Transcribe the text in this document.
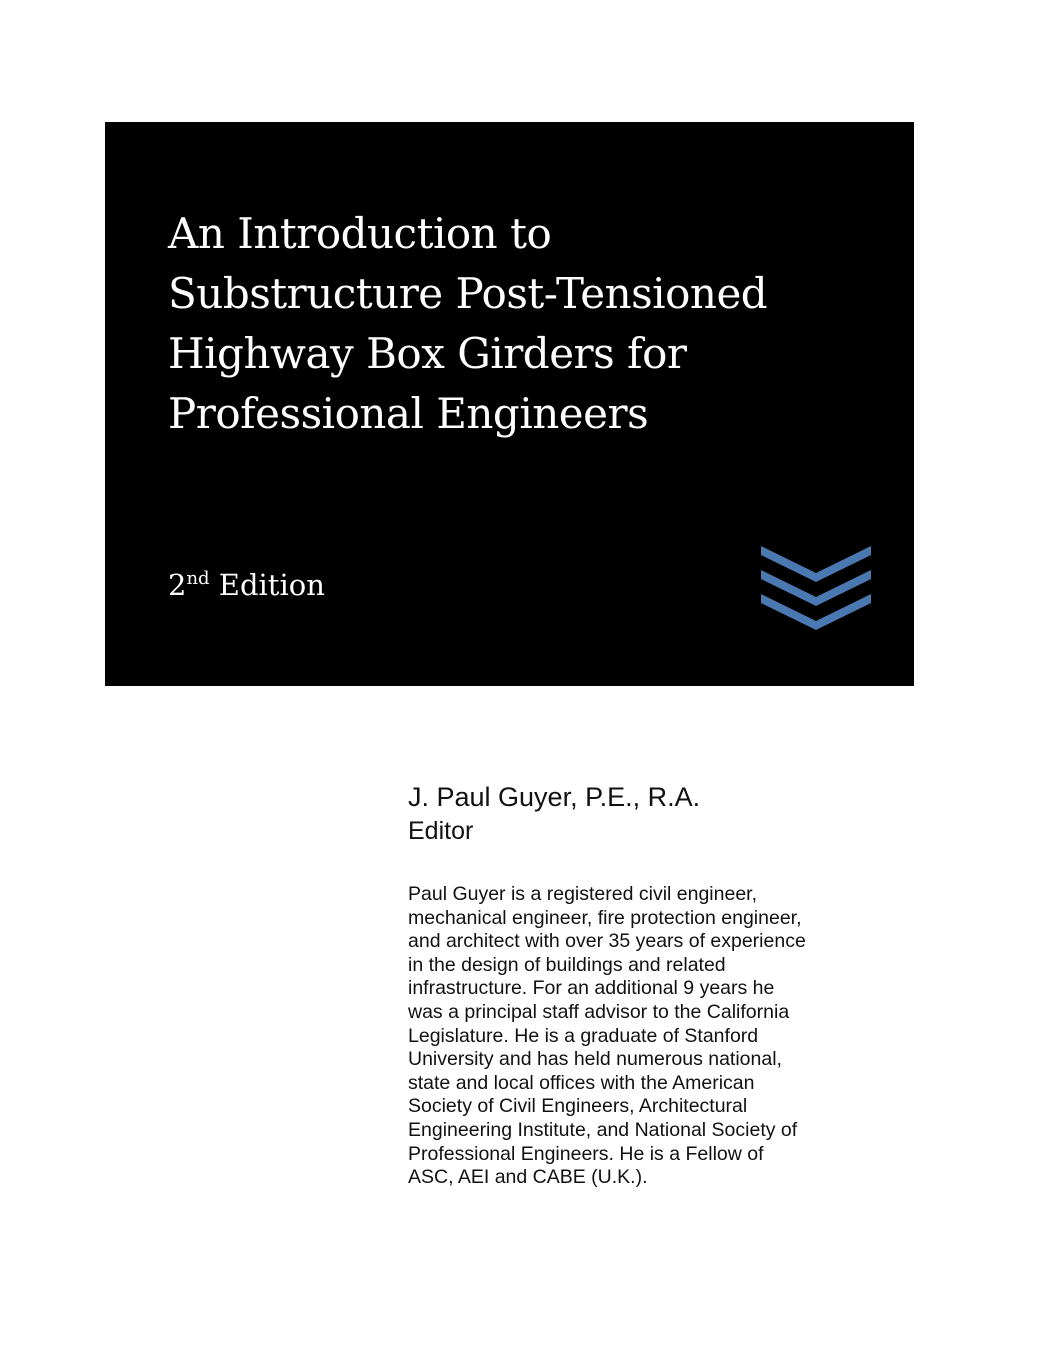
An Introduction to
Substructure Post-Tensioned
Highway Box Girders for
Professional Engineers
2nd Edition
J. Paul Guyer, P.E., R.A.
Editor
Paul Guyer is a registered civil engineer,
mechanical engineer, fire protection engineer,
and architect with over 35 years of experience
in the design of buildings and related
infrastructure. For an additional 9 years he
was a principal staff advisor to the California
Legislature. He is a graduate of Stanford
University and has held numerous national,
state and local offices with the American
Society of Civil Engineers, Architectural
Engineering Institute, and National Society of
Professional Engineers. He is a Fellow of
ASC, AEI and CABE (U.K.).
